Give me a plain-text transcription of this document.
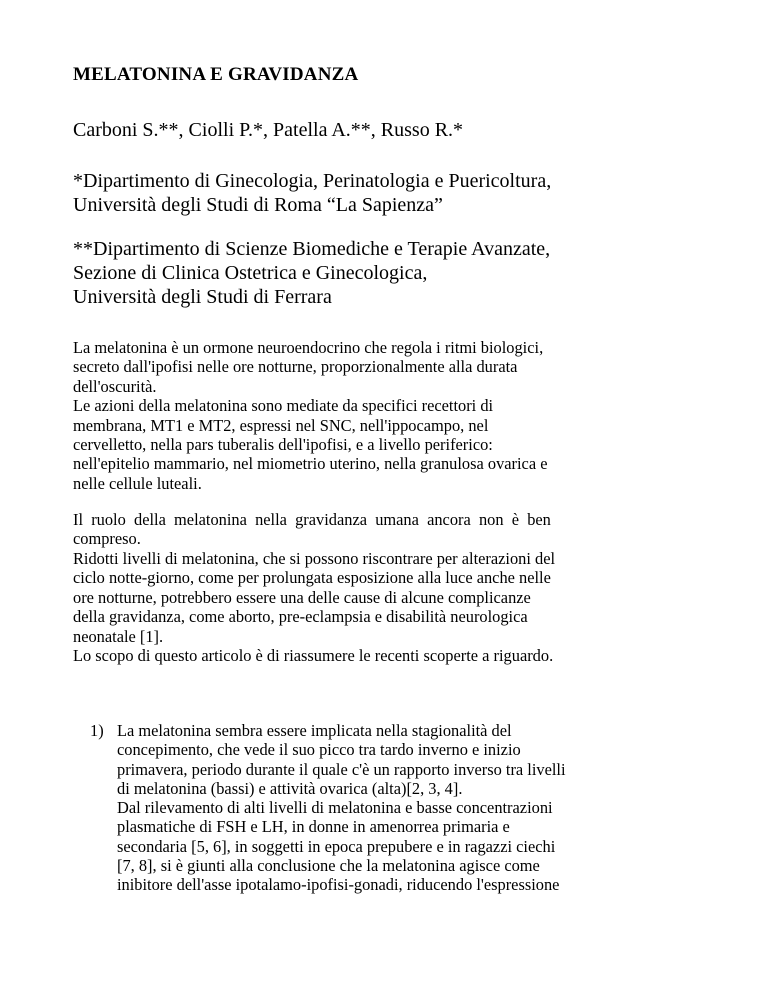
MELATONINA E GRAVIDANZA

Carboni S.**, Ciolli P.*, Patella A.**, Russo R.*

*Dipartimento di Ginecologia, Perinatologia e Puericoltura,
Università degli Studi di Roma “La Sapienza”
**Dipartimento di Scienze Biomediche e Terapie Avanzate,
Sezione di Clinica Ostetrica e Ginecologica,
Università degli Studi di Ferrara
La melatonina è un ormone neuroendocrino che regola i ritmi biologici,
secreto dall'ipofisi nelle ore notturne, proporzionalmente alla durata
dell'oscurità.
Le azioni della melatonina sono mediate da specifici recettori di
membrana, MT1 e MT2, espressi nel SNC, nell'ippocampo, nel
cervelletto, nella pars tuberalis dell'ipofisi, e a livello periferico:
nell'epitelio mammario, nel miometrio uterino, nella granulosa ovarica e
nelle cellule luteali.
Il  ruolo  della  melatonina  nella  gravidanza  umana  ancora  non  è  ben
compreso.
Ridotti livelli di melatonina, che si possono riscontrare per alterazioni del
ciclo notte-giorno, come per prolungata esposizione alla luce anche nelle
ore notturne, potrebbero essere una delle cause di alcune complicanze
della gravidanza, come aborto, pre-eclampsia e disabilità neurologica
neonatale [1].
Lo scopo di questo articolo è di riassumere le recenti scoperte a riguardo.
1) La melatonina sembra essere implicata nella stagionalità del
concepimento, che vede il suo picco tra tardo inverno e inizio
primavera, periodo durante il quale c'è un rapporto inverso tra livelli
di melatonina (bassi) e attività ovarica (alta)[2, 3, 4].
Dal rilevamento di alti livelli di melatonina e basse concentrazioni
plasmatiche di FSH e LH, in donne in amenorrea primaria e
secondaria [5, 6], in soggetti in epoca prepubere e in ragazzi ciechi
[7, 8], si è giunti alla conclusione che la melatonina agisce come
inibitore dell'asse ipotalamo-ipofisi-gonadi, riducendo l'espressione
